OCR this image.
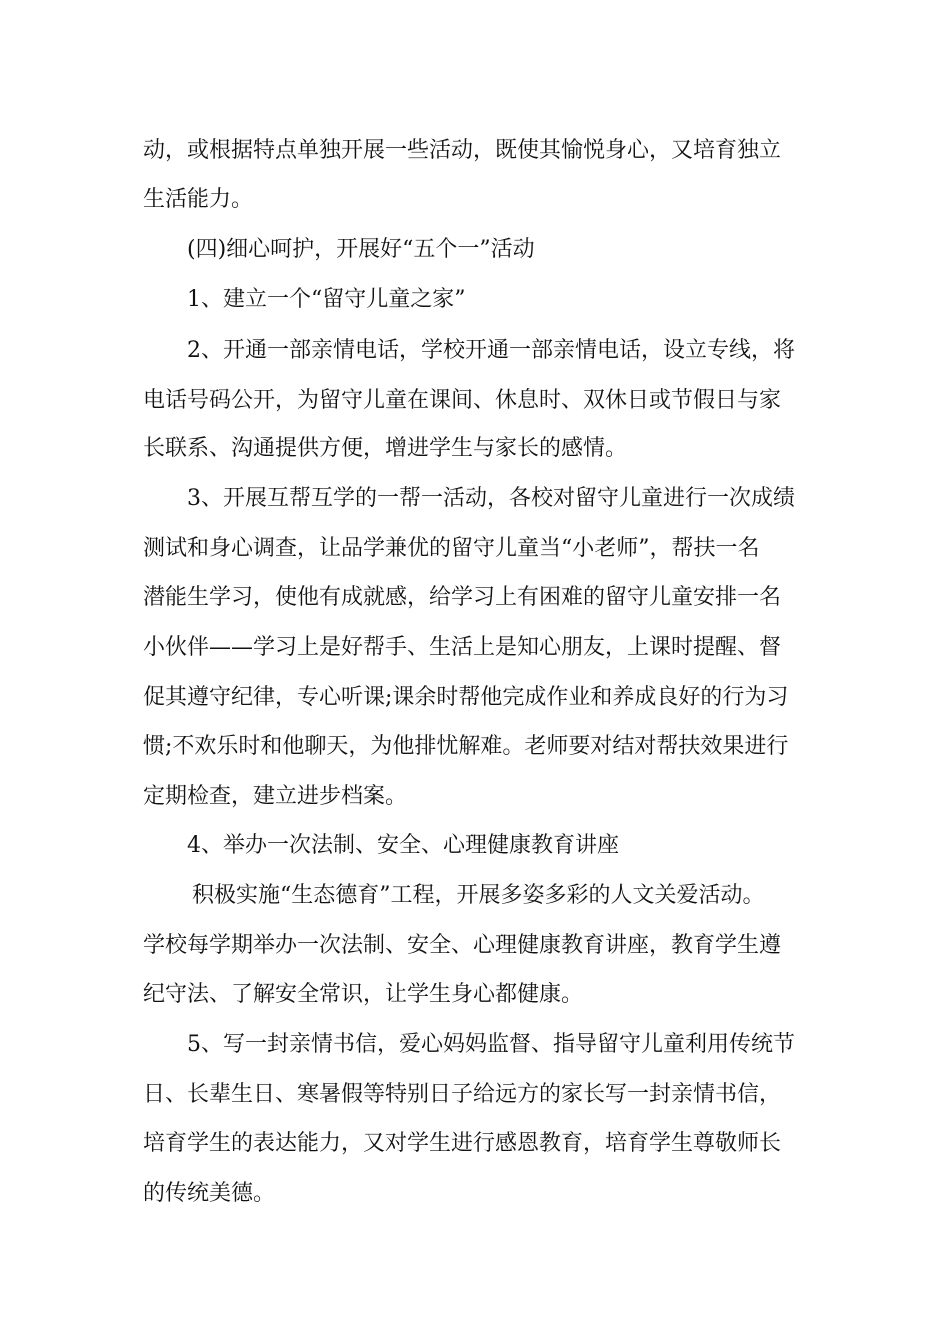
动，或根据特点单独开展一些活动，既使其愉悦身心，又培育独立
生活能力。
(四)细心呵护，开展好“五个一”活动
1、建立一个“留守儿童之家”
2、开通一部亲情电话，学校开通一部亲情电话，设立专线，将
电话号码公开，为留守儿童在课间、休息时、双休日或节假日与家
长联系、沟通提供方便，增进学生与家长的感情。
3、开展互帮互学的一帮一活动，各校对留守儿童进行一次成绩
测试和身心调查，让品学兼优的留守儿童当“小老师”，帮扶一名
潜能生学习，使他有成就感，给学习上有困难的留守儿童安排一名
小伙伴——学习上是好帮手、生活上是知心朋友，上课时提醒、督
促其遵守纪律，专心听课;课余时帮他完成作业和养成良好的行为习
惯;不欢乐时和他聊天，为他排忧解难。老师要对结对帮扶效果进行
定期检查，建立进步档案。
4、举办一次法制、安全、心理健康教育讲座
积极实施“生态德育”工程，开展多姿多彩的人文关爱活动。
学校每学期举办一次法制、安全、心理健康教育讲座，教育学生遵
纪守法、了解安全常识，让学生身心都健康。
5、写一封亲情书信，爱心妈妈监督、指导留守儿童利用传统节
日、长辈生日、寒暑假等特别日子给远方的家长写一封亲情书信，
培育学生的表达能力，又对学生进行感恩教育，培育学生尊敬师长
的传统美德。
